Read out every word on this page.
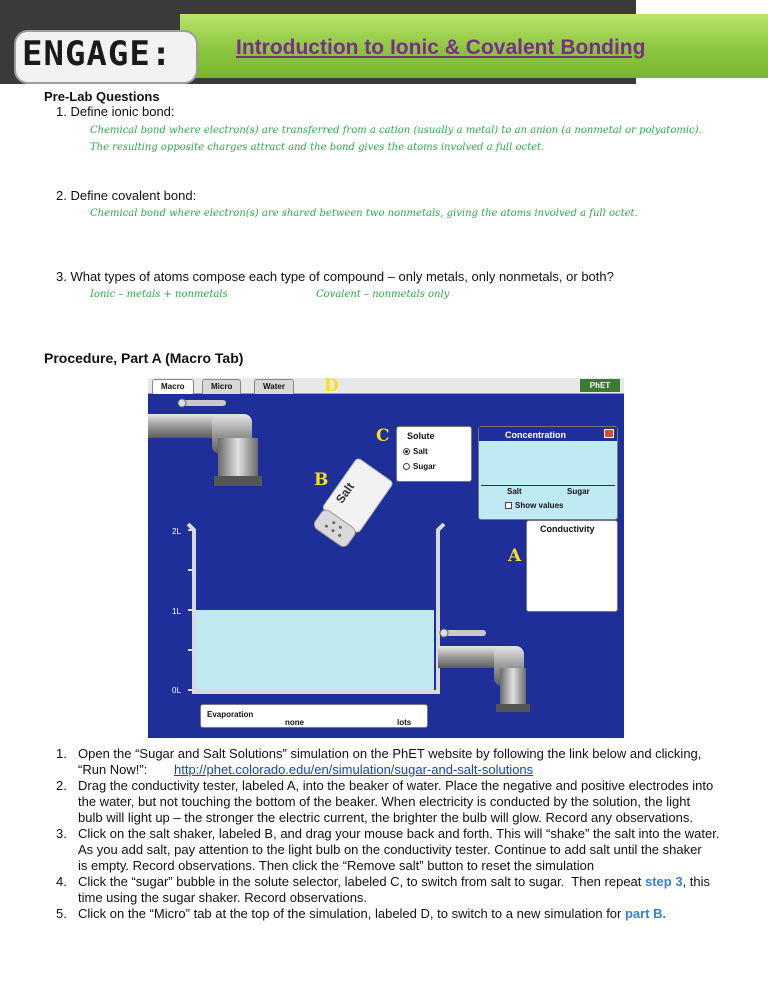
ENGAGE:	Introduction to Ionic & Covalent Bonding
Pre-Lab Questions
1. Define ionic bond:
Chemical bond where electron(s) are transferred from a cation (usually a metal) to an anion (a nonmetal or polyatomic).
The resulting opposite charges attract and the bond gives the atoms involved a full octet.
2. Define covalent bond:
Chemical bond where electron(s) are shared between two nonmetals, giving the atoms involved a full octet.
3. What types of atoms compose each type of compound – only metals, only nonmetals, or both?
Ionic – metals + nonmetals	Covalent – nonmetals only
Procedure, Part A (Macro Tab)
Macro	Micro	Water	PhET
D
C
B
A
Salt
Solute
Salt
Sugar
Concentration
Salt	Sugar
Show values
Conductivity
2L
1L
0L
Evaporation
none	lots
1. Open the “Sugar and Salt Solutions” simulation on the PhET website by following the link below and clicking,
“Run Now!”: http://phet.colorado.edu/en/simulation/sugar-and-salt-solutions
2. Drag the conductivity tester, labeled A, into the beaker of water. Place the negative and positive electrodes into
the water, but not touching the bottom of the beaker. When electricity is conducted by the solution, the light
bulb will light up – the stronger the electric current, the brighter the bulb will glow. Record any observations.
3. Click on the salt shaker, labeled B, and drag your mouse back and forth. This will “shake” the salt into the water.
As you add salt, pay attention to the light bulb on the conductivity tester. Continue to add salt until the shaker
is empty. Record observations. Then click the “Remove salt” button to reset the simulation
4. Click the “sugar” bubble in the solute selector, labeled C, to switch from salt to sugar.  Then repeat step 3, this
time using the sugar shaker. Record observations.
5. Click on the “Micro” tab at the top of the simulation, labeled D, to switch to a new simulation for part B.
